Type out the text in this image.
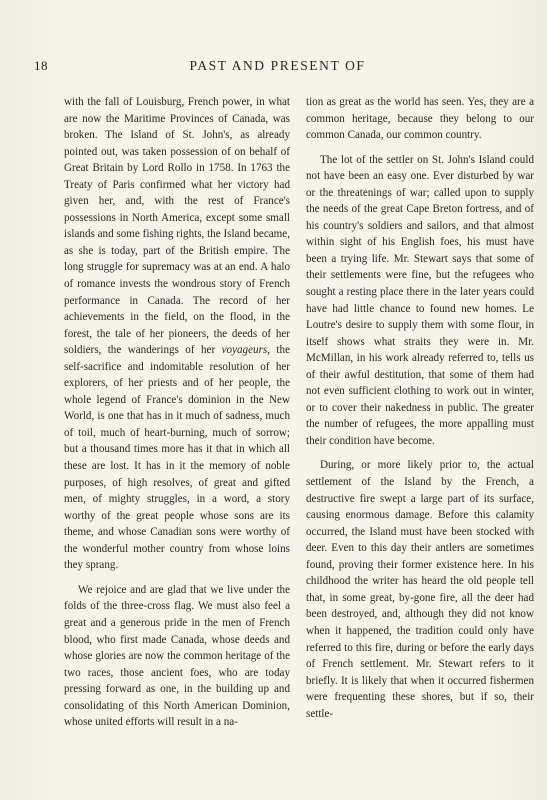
18	PAST AND PRESENT OF

with the fall of Louisburg, French power, in what are now the Maritime Provinces of Canada, was broken. The Island of St. John's, as already pointed out, was taken possession of on behalf of Great Britain by Lord Rollo in 1758. In 1763 the Treaty of Paris confirmed what her victory had given her, and, with the rest of France's possessions in North America, except some small islands and some fishing rights, the Island became, as she is today, part of the British empire. The long struggle for supremacy was at an end. A halo of romance invests the wondrous story of French performance in Canada. The record of her achievements in the field, on the flood, in the forest, the tale of her pioneers, the deeds of her soldiers, the wanderings of her voyageurs, the self-sacrifice and indomitable resolution of her explorers, of her priests and of her people, the whole legend of France's dominion in the New World, is one that has in it much of sadness, much of toil, much of heart-burning, much of sorrow; but a thousand times more has it that in which all these are lost. It has in it the memory of noble purposes, of high resolves, of great and gifted men, of mighty struggles, in a word, a story worthy of the great people whose sons are its theme, and whose Canadian sons were worthy of the wonderful mother country from whose loins they sprang.

We rejoice and are glad that we live under the folds of the three-cross flag. We must also feel a great and a generous pride in the men of French blood, who first made Canada, whose deeds and whose glories are now the common heritage of the two races, those ancient foes, who are today pressing forward as one, in the building up and consolidating of this North American Dominion, whose united efforts will result in a na-

tion as great as the world has seen. Yes, they are a common heritage, because they belong to our common Canada, our common country.

The lot of the settler on St. John's Island could not have been an easy one. Ever disturbed by war or the threatenings of war; called upon to supply the needs of the great Cape Breton fortress, and of his country's soldiers and sailors, and that almost within sight of his English foes, his must have been a trying life. Mr. Stewart says that some of their settlements were fine, but the refugees who sought a resting place there in the later years could have had little chance to found new homes. Le Loutre's desire to supply them with some flour, in itself shows what straits they were in. Mr. McMillan, in his work already referred to, tells us of their awful destitution, that some of them had not even sufficient clothing to work out in winter, or to cover their nakedness in public. The greater the number of refugees, the more appalling must their condition have become.

During, or more likely prior to, the actual settlement of the Island by the French, a destructive fire swept a large part of its surface, causing enormous damage. Before this calamity occurred, the Island must have been stocked with deer. Even to this day their antlers are sometimes found, proving their former existence here. In his childhood the writer has heard the old people tell that, in some great, by-gone fire, all the deer had been destroyed, and, although they did not know when it happened, the tradition could only have referred to this fire, during or before the early days of French settlement. Mr. Stewart refers to it briefly. It is likely that when it occurred fishermen were frequenting these shores, but if so, their settle-
